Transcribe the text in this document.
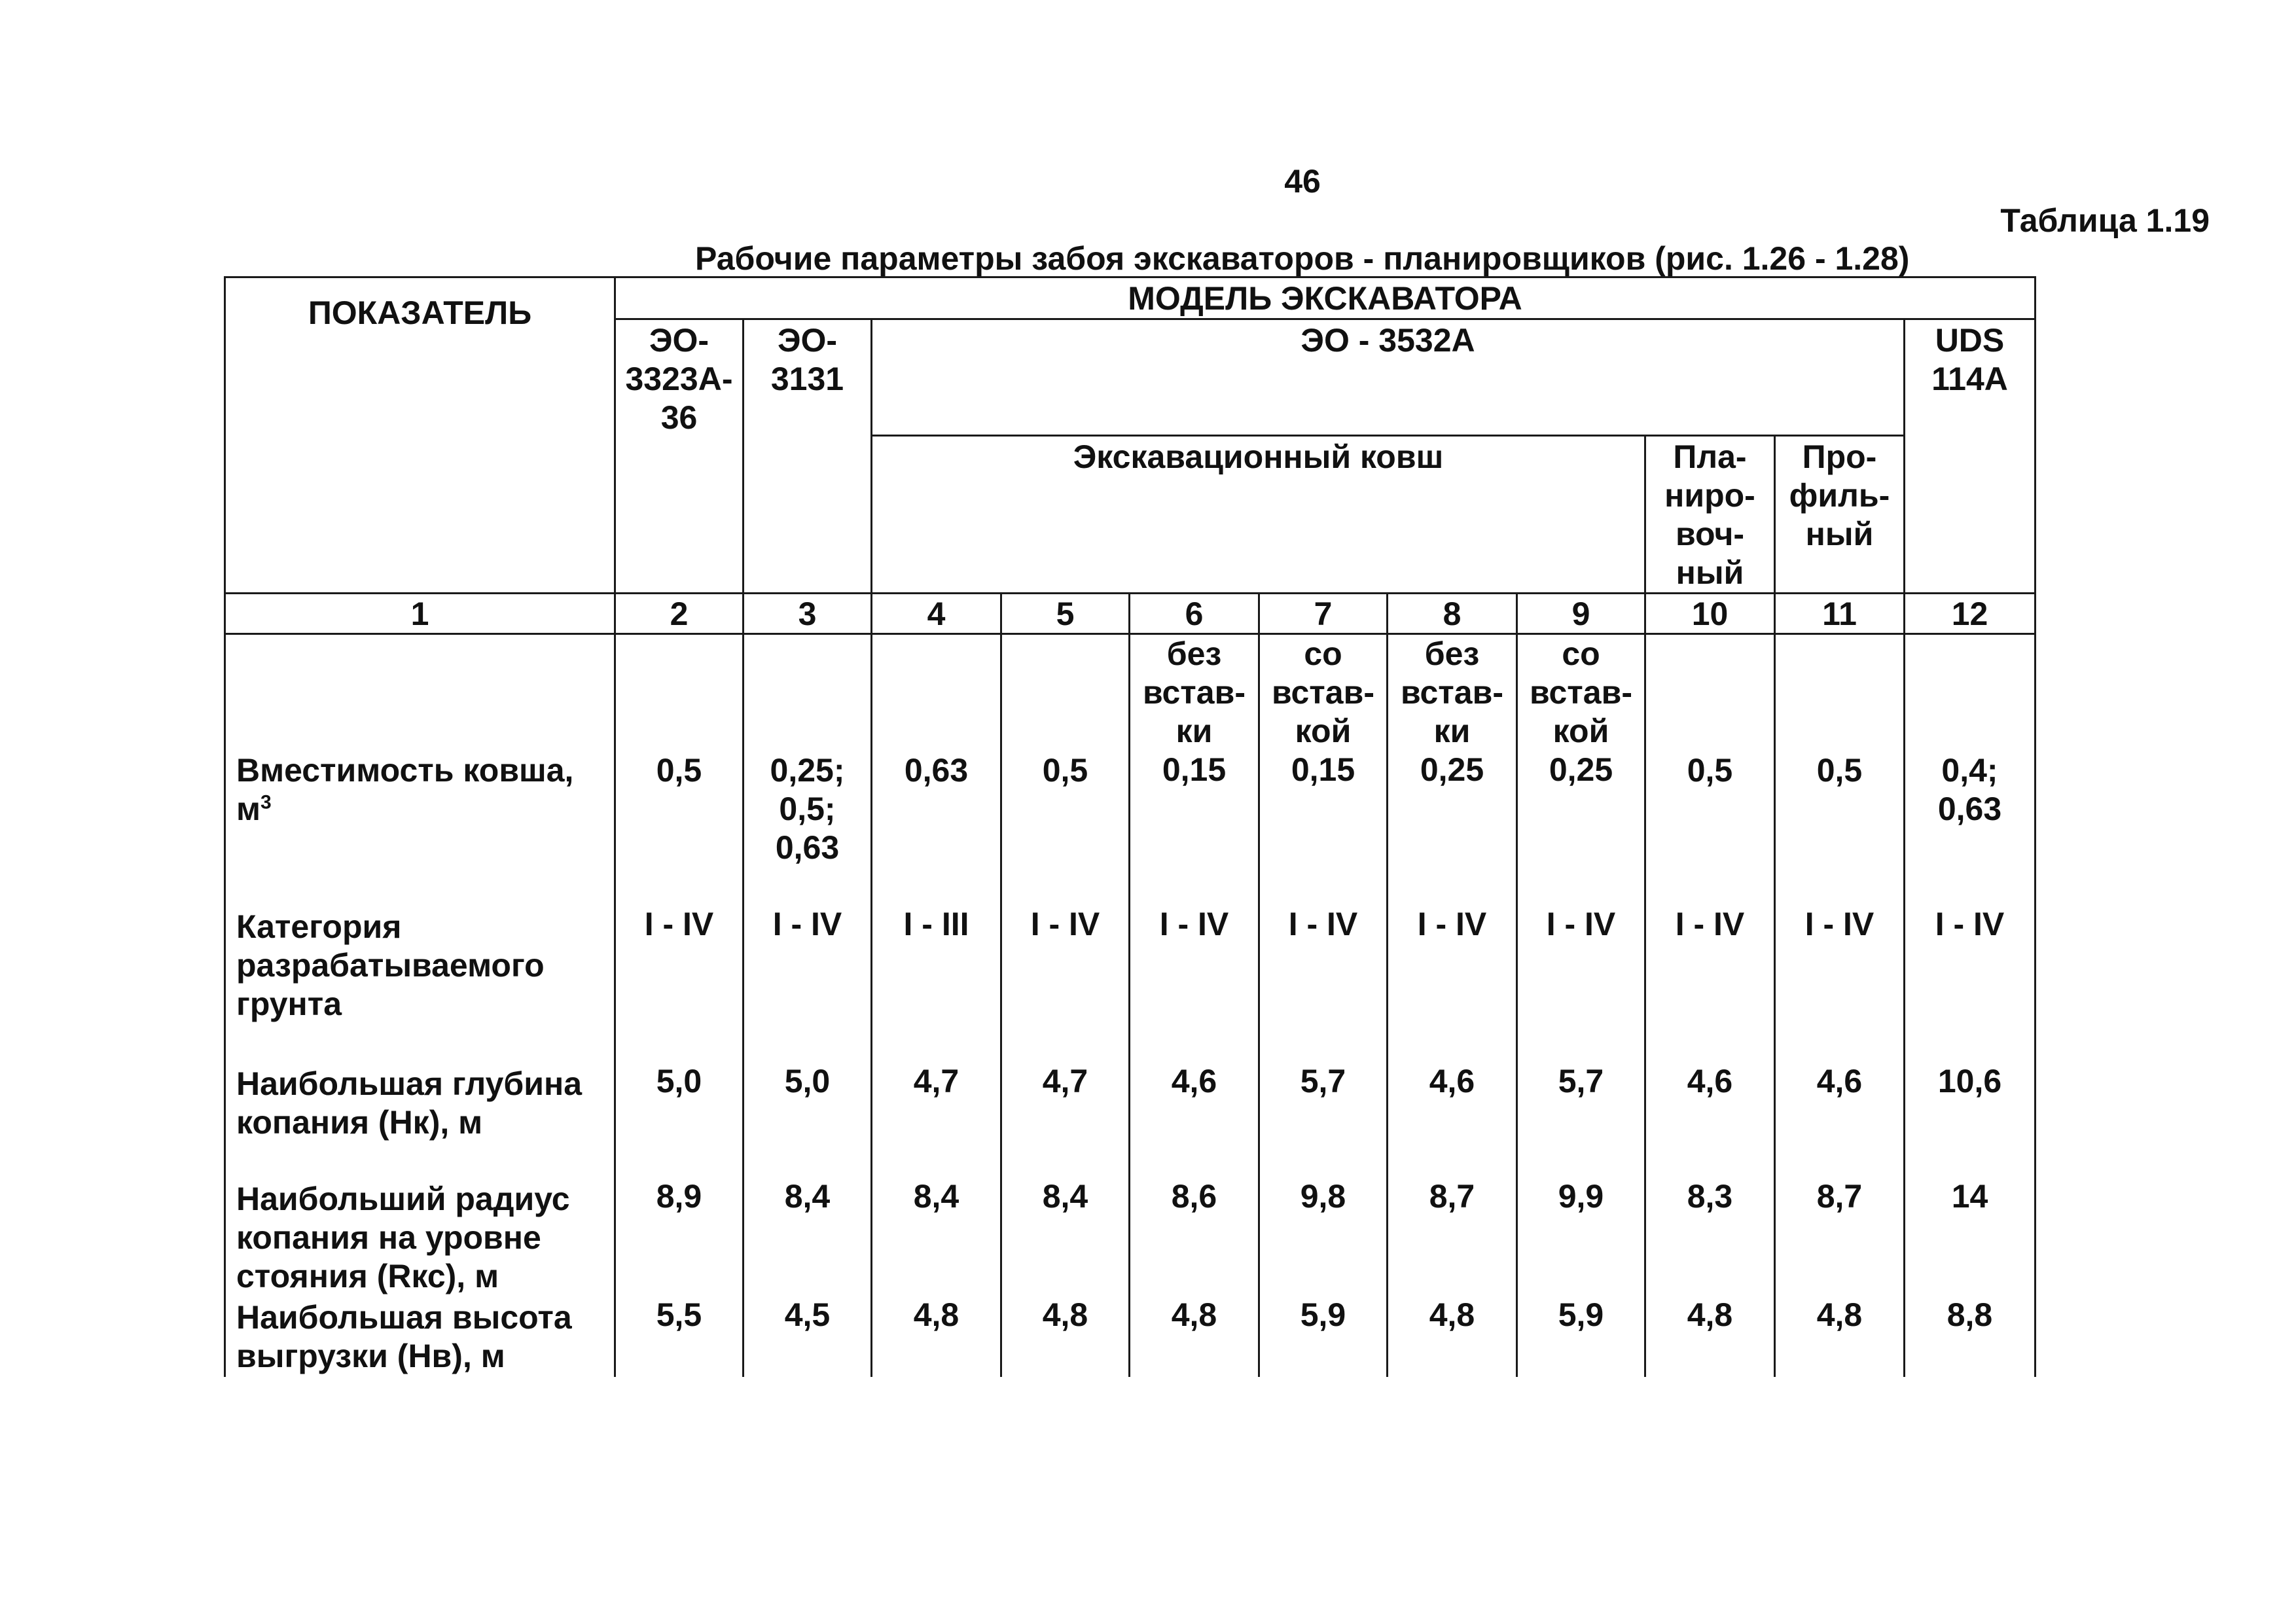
46
Таблица 1.19
Рабочие параметры забоя экскаваторов - планировщиков (рис. 1.26 - 1.28)
ПОКАЗАТЕЛЬ	МОДЕЛЬ ЭКСКАВАТОРА										

	ЭО-
3323А-
36	ЭО-
3131	ЭО - 3532А								UDS
114А

			Экскавационный ковш						Пла-
ниро-
воч-
ный	Про-
филь-
ный	

1	2	3	4	5	6	7	8	9	10	11	12

Вместимость ковша,
$м^3$	0,5	0,25;
0,5;
0,63	0,63	0,5	без
встав-
ки
0,15	со
встав-
кой
0,15	без
встав-
ки
0,25	со
встав-
кой
0,25	0,5	0,5	0,4;
0,63

Категория
разрабатываемого
грунта	I - IV	I - IV	I - III	I - IV	I - IV	I - IV	I - IV	I - IV	I - IV	I - IV	I - IV

Наибольшая глубина
копания (Нк), м	5,0	5,0	4,7	4,7	4,6	5,7	4,6	5,7	4,6	4,6	10,6

Наибольший радиус
копания на уровне
стояния (Rкс), м	8,9	8,4	8,4	8,4	8,6	9,8	8,7	9,9	8,3	8,7	14

Наибольшая высота
выгрузки (Нв), м	5,5	4,5	4,8	4,8	4,8	5,9	4,8	5,9	4,8	4,8	8,8
